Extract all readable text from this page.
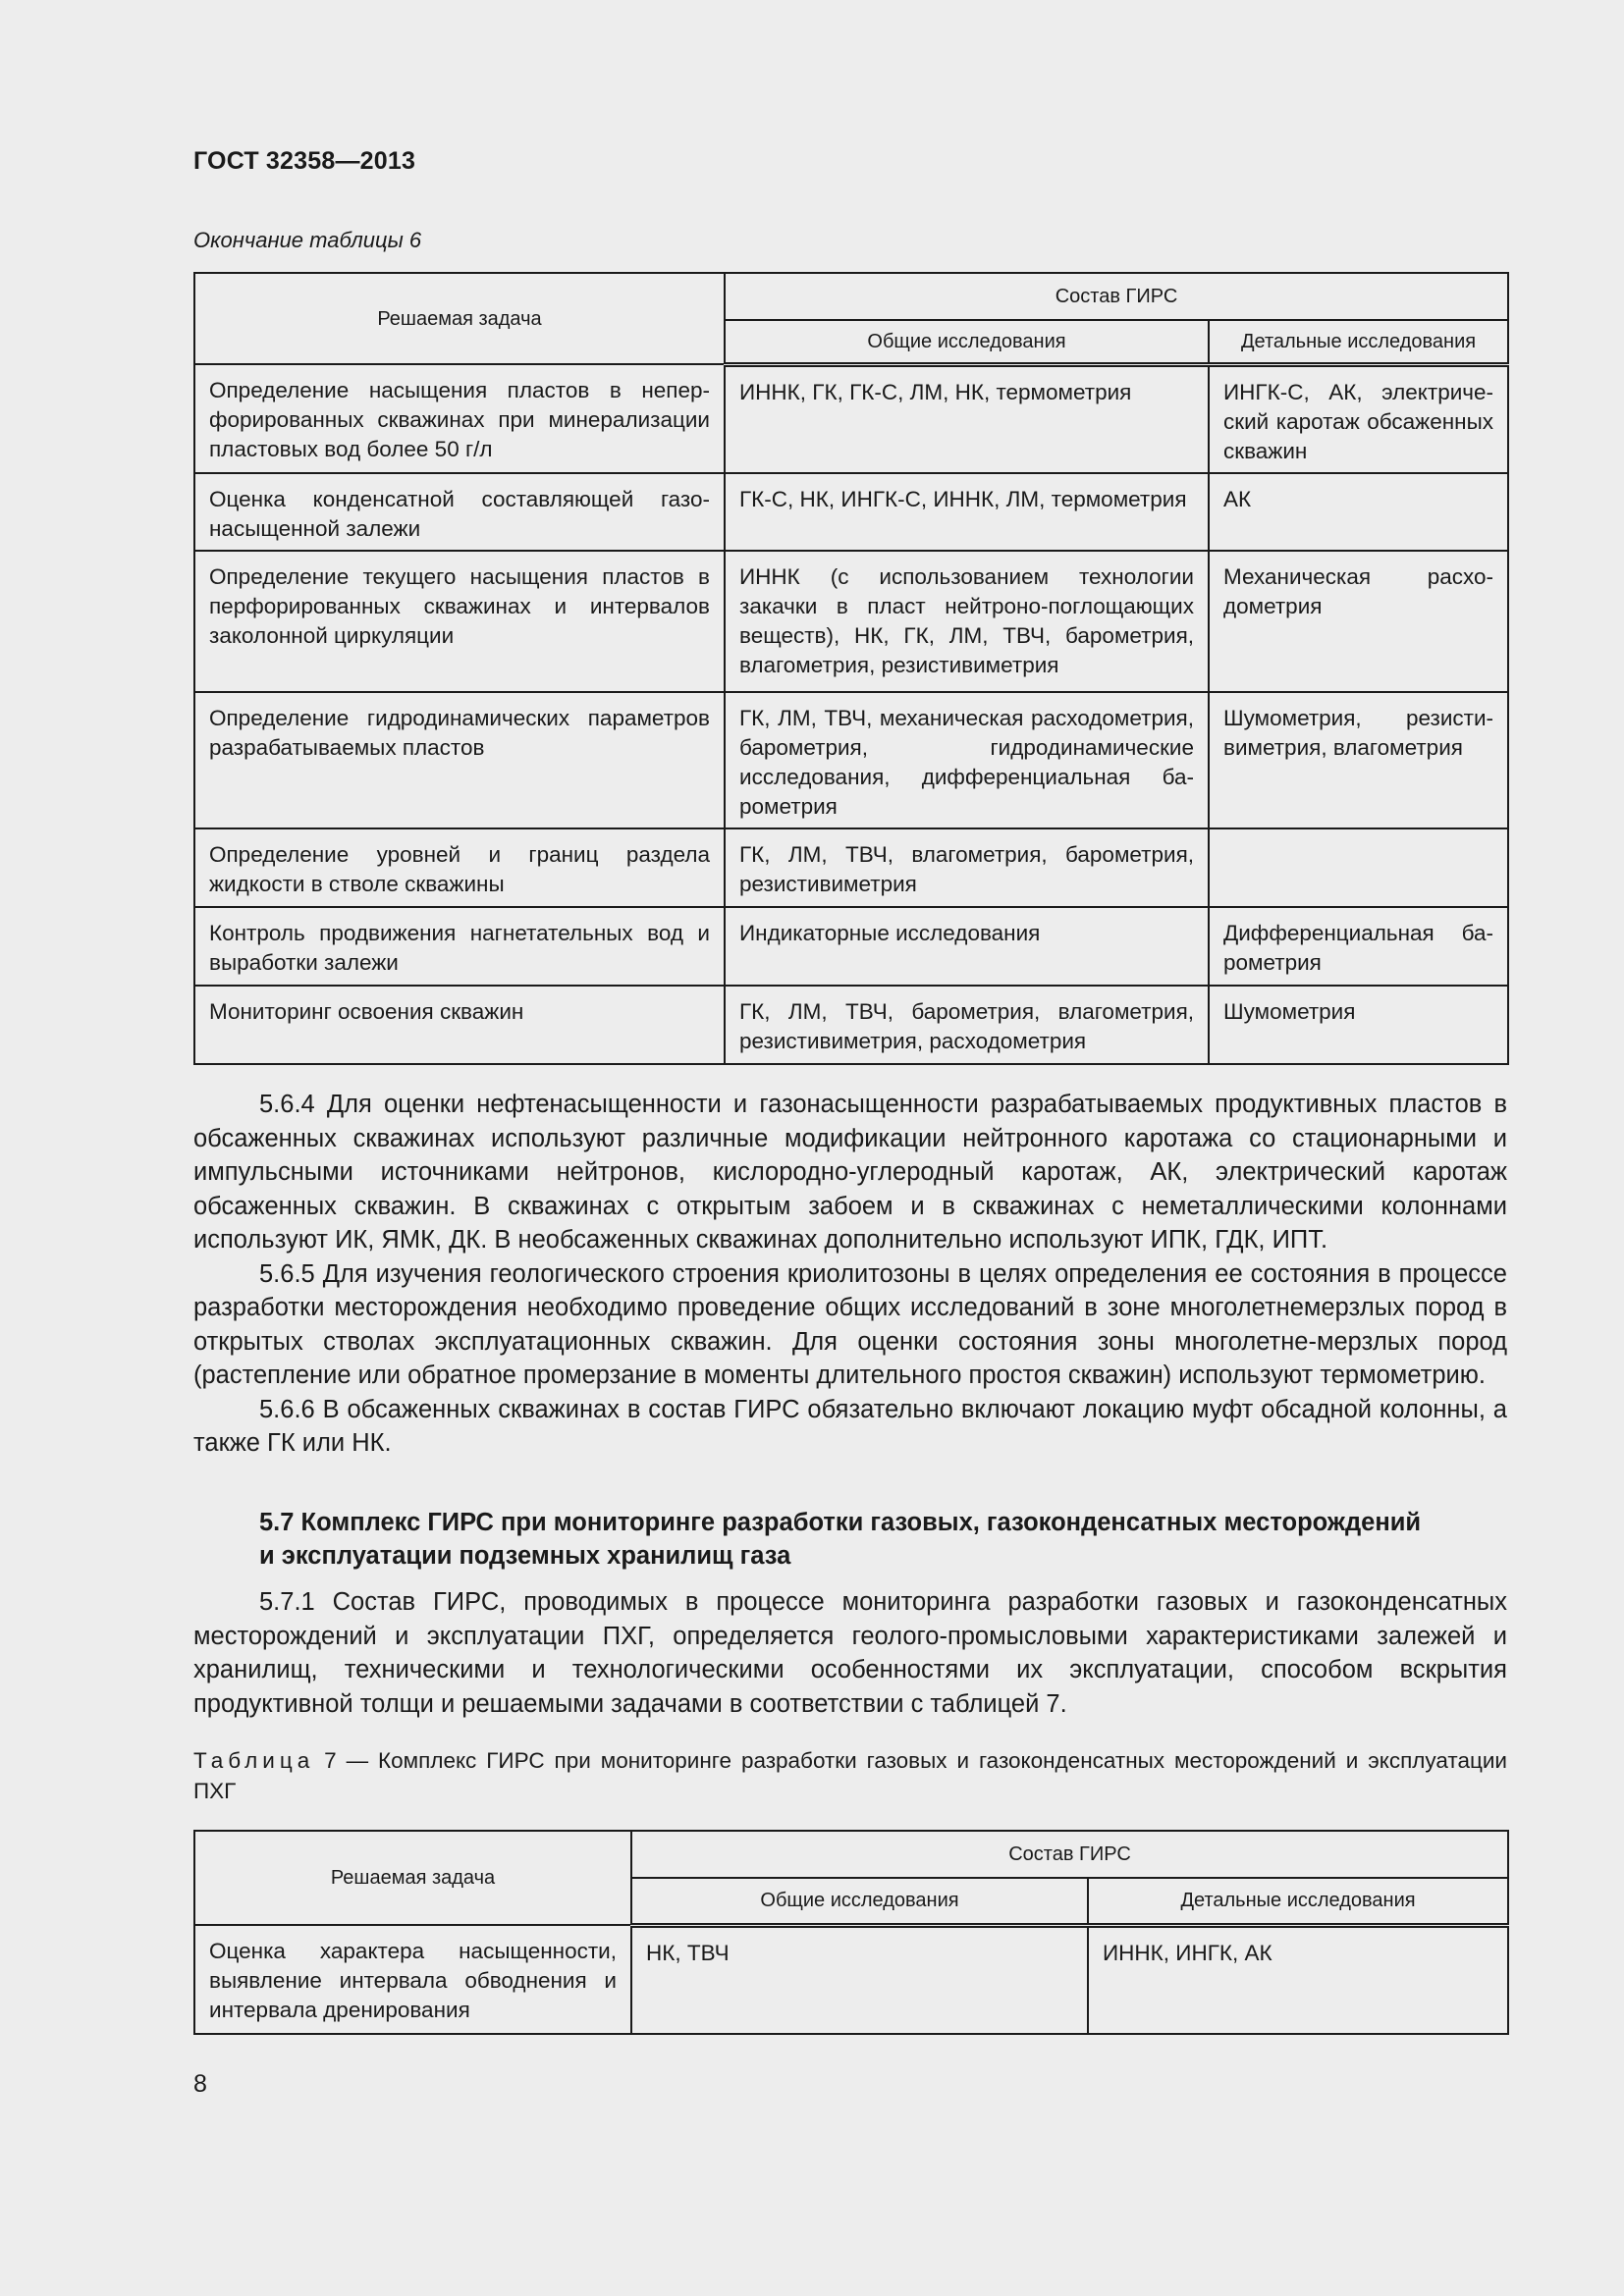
ГОСТ 32358—2013
Окончание таблицы 6
Решаемая задача	Состав ГИРС	
	Общие исследования	Детальные исследования
Определение насыщения пластов в неперфорированных скважинах при минерализации пластовых вод более 50 г/л	ИННК, ГК, ГК-С, ЛМ, НК, термометрия	ИНГК-С, АК, электрический каротаж обсаженных скважин
Оценка конденсатной составляющей газонасыщенной залежи	ГК-С, НК, ИНГК-С, ИННК, ЛМ, термометрия	АК
Определение текущего насыщения пластов в перфорированных скважинах и интервалов заколонной циркуляции	ИННК (с использованием технологии закачки в пласт нейтроно-поглощающих веществ), НК, ГК, ЛМ, ТВЧ, барометрия, влагометрия, резистивиметрия	Механическая расходометрия
Определение гидродинамических параметров разрабатываемых пластов	ГК, ЛМ, ТВЧ, механическая расходометрия, барометрия, гидродинамические исследования, дифференциальная барометрия	Шумометрия, резистивиметрия, влагометрия
Определение уровней и границ раздела жидкости в стволе скважины	ГК, ЛМ, ТВЧ, влагометрия, барометрия, резистивиметрия	
Контроль продвижения нагнетательных вод и выработки залежи	Индикаторные исследования	Дифференциальная барометрия
Мониторинг освоения скважин	ГК, ЛМ, ТВЧ, барометрия, влагометрия, резистивиметрия, расходометрия	Шумометрия

5.6.4 Для оценки нефтенасыщенности и газонасыщенности разрабатываемых продуктивных пластов в обсаженных скважинах используют различные модификации нейтронного каротажа со стационарными и импульсными источниками нейтронов, кислородно-углеродный каротаж, АК, электрический каротаж обсаженных скважин. В скважинах с открытым забоем и в скважинах с неметаллическими колоннами используют ИК, ЯМК, ДК. В необсаженных скважинах дополнительно используют ИПК, ГДК, ИПТ.

5.6.5 Для изучения геологического строения криолитозоны в целях определения ее состояния в процессе разработки месторождения необходимо проведение общих исследований в зоне многолетнемерзлых пород в открытых стволах эксплуатационных скважин. Для оценки состояния зоны многолетне-мерзлых пород (растепление или обратное промерзание в моменты длительного простоя скважин) используют термометрию.

5.6.6 В обсаженных скважинах в состав ГИРС обязательно включают локацию муфт обсадной колонны, а также ГК или НК.

5.7 Комплекс ГИРС при мониторинге разработки газовых, газоконденсатных месторождений и эксплуатации подземных хранилищ газа

5.7.1 Состав ГИРС, проводимых в процессе мониторинга разработки газовых и газоконденсатных месторождений и эксплуатации ПХГ, определяется геолого-промысловыми характеристиками залежей и хранилищ, техническими и технологическими особенностями их эксплуатации, способом вскрытия продуктивной толщи и решаемыми задачами в соответствии с таблицей 7.

Таблица 7 — Комплекс ГИРС при мониторинге разработки газовых и газоконденсатных месторождений и эксплуатации ПХГ
Решаемая задача	Состав ГИРС	
	Общие исследования	Детальные исследования
Оценка характера насыщенности, выявление интервала обводнения и интервала дренирования	НК, ТВЧ	ИННК, ИНГК, АК
8
